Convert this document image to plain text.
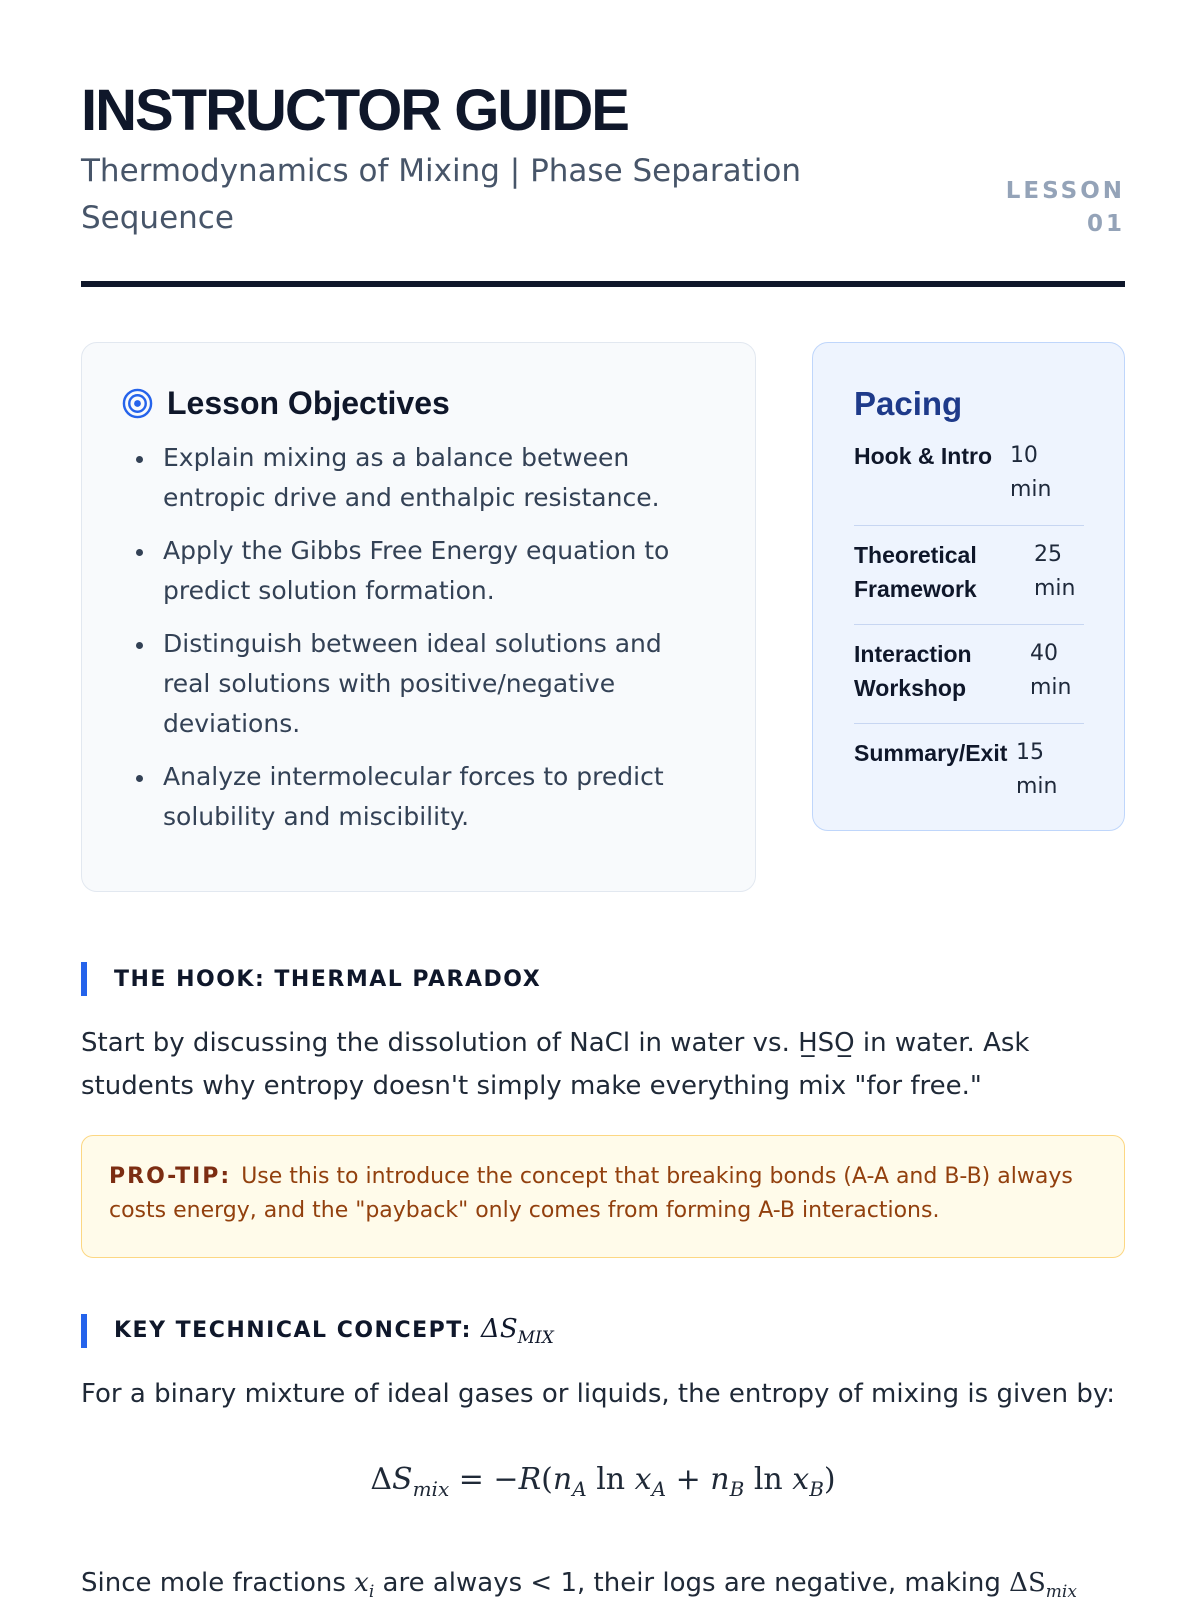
INSTRUCTOR GUIDE

Thermodynamics of Mixing | Phase Separation Sequence

LESSON
01
Lesson Objectives
Explain mixing as a balance between entropic drive and enthalpic resistance.
Apply the Gibbs Free Energy equation to predict solution formation.
Distinguish between ideal solutions and real solutions with positive/negative deviations.
Analyze intermolecular forces to predict solubility and miscibility.
Pacing
Hook & Intro 10 min
Theoretical Framework
25 min
Interaction Workshop
40 min
Summary/Exit 15 min
THE HOOK: THERMAL PARADOX

Start by discussing the dissolution of NaCl in water vs. H̲SO̲ in water. Ask students why entropy doesn't simply make everything mix "for free."

PRO-TIP: Use this to introduce the concept that breaking bonds (A-A and B-B) always costs energy, and the "payback" only comes from forming A-B interactions.
KEY TECHNICAL CONCEPT: $\Delta S_{MIX}$

For a binary mixture of ideal gases or liquids, the entropy of mixing is given by:

$\Delta S_{mix} = -R(n_A$ $\ln x_A + n_B$ $\ln x_B$)

Since mole fractions $x_i$ are always < 1, their logs are negative, making $\Delta S_{mix}$
